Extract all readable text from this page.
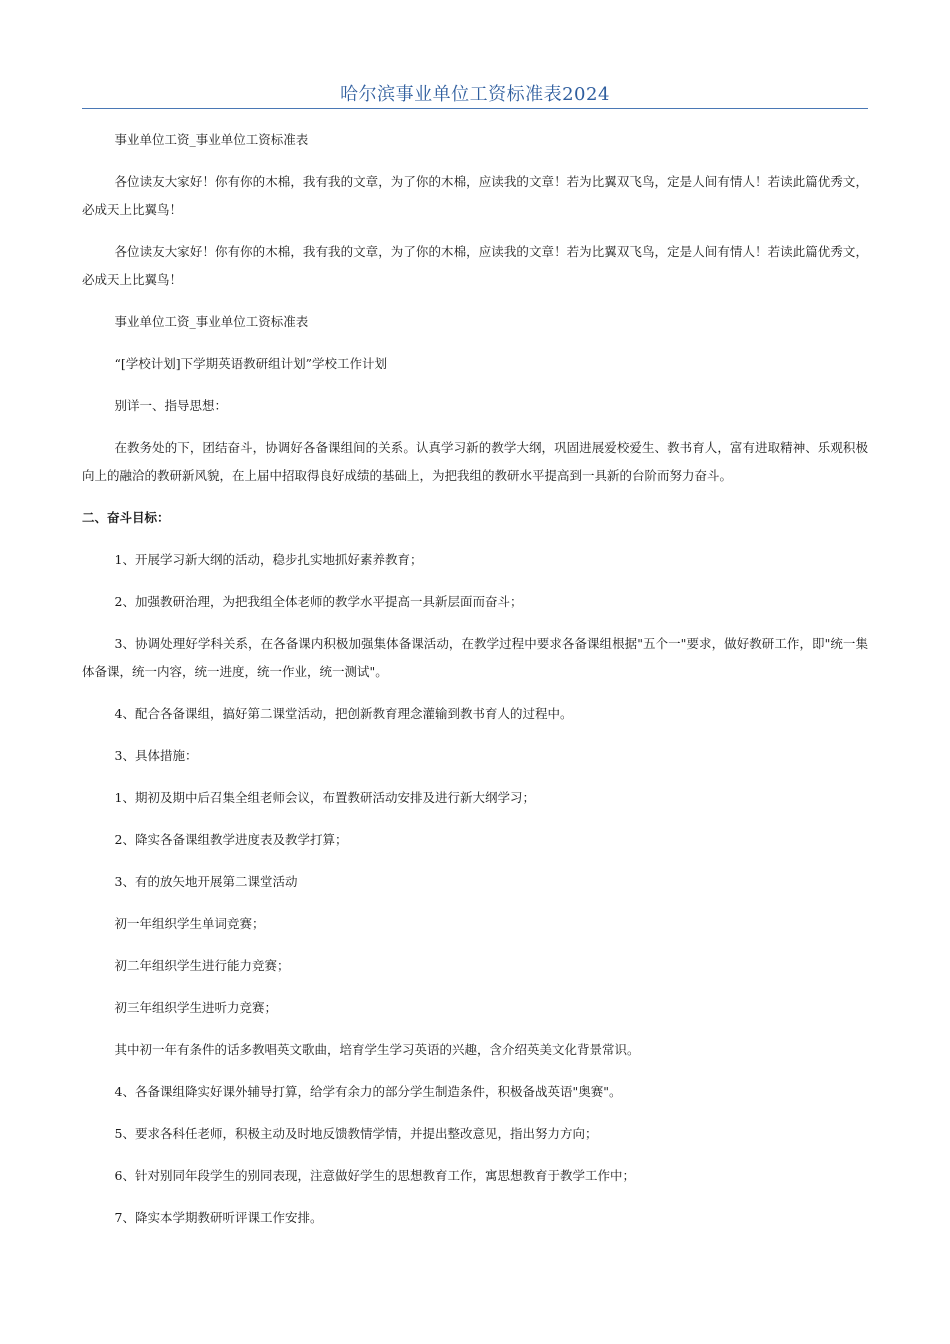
哈尔滨事业单位工资标准表2024

事业单位工资_事业单位工资标准表

各位读友大家好！你有你的木棉，我有我的文章，为了你的木棉，应读我的文章！若为比翼双飞鸟，定是人间有情人！若读此篇优秀文，必成天上比翼鸟！

各位读友大家好！你有你的木棉，我有我的文章，为了你的木棉，应读我的文章！若为比翼双飞鸟，定是人间有情人！若读此篇优秀文，必成天上比翼鸟！

事业单位工资_事业单位工资标准表

“[学校计划]下学期英语教研组计划”学校工作计划

别详一、指导思想：

在教务处的下，团结奋斗，协调好各备课组间的关系。认真学习新的教学大纲，巩固进展爱校爱生、教书育人，富有进取精神、乐观积极向上的融洽的教研新风貌，在上届中招取得良好成绩的基础上，为把我组的教研水平提高到一具新的台阶而努力奋斗。

二、奋斗目标：

1、开展学习新大纲的活动，稳步扎实地抓好素养教育；

2、加强教研治理，为把我组全体老师的教学水平提高一具新层面而奋斗；

3、协调处理好学科关系，在各备课内积极加强集体备课活动，在教学过程中要求各备课组根据"五个一"要求，做好教研工作，即"统一集体备课，统一内容，统一进度，统一作业，统一测试"。

4、配合各备课组，搞好第二课堂活动，把创新教育理念灌输到教书育人的过程中。

3、具体措施：

1、期初及期中后召集全组老师会议，布置教研活动安排及进行新大纲学习；

2、降实各备课组教学进度表及教学打算；

3、有的放矢地开展第二课堂活动

初一年组织学生单词竞赛；

初二年组织学生进行能力竞赛；

初三年组织学生进听力竞赛；

其中初一年有条件的话多教唱英文歌曲，培育学生学习英语的兴趣，含介绍英美文化背景常识。

4、各备课组降实好课外辅导打算，给学有余力的部分学生制造条件，积极备战英语"奥赛"。

5、要求各科任老师，积极主动及时地反馈教情学情，并提出整改意见，指出努力方向；

6、针对别同年段学生的别同表现，注意做好学生的思想教育工作，寓思想教育于教学工作中；

7、降实本学期教研听评课工作安排。
